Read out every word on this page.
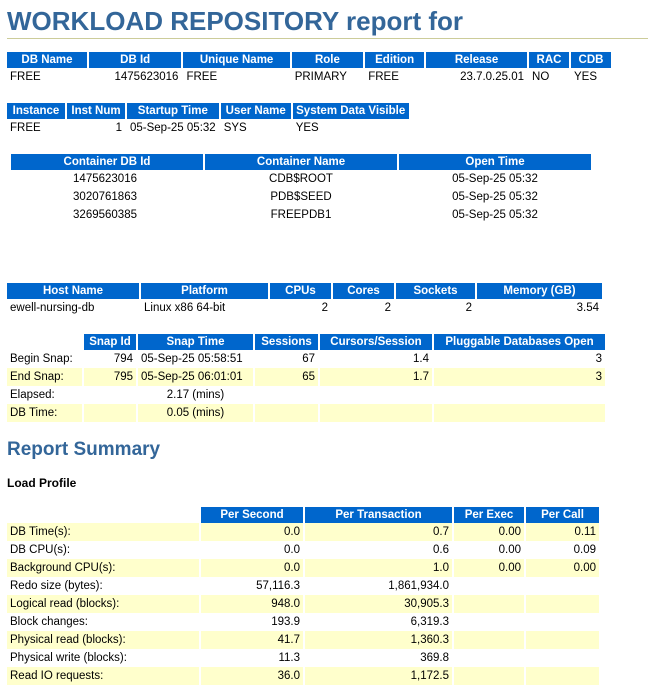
WORKLOAD REPOSITORY report for
DB Name	DB Id	Unique Name	Role	Edition	Release	RAC	CDB
FREE	1475623016	FREE	PRIMARY	FREE	23.7.0.25.01	NO	YES
Instance	Inst Num	Startup Time	User Name	System Data Visible
FREE	1	05-Sep-25 05:32	SYS	YES
Container DB Id	Container Name	Open Time
1475623016	CDB$ROOT	05-Sep-25 05:32
3020761863	PDB$SEED	05-Sep-25 05:32
3269560385	FREEPDB1	05-Sep-25 05:32
Host Name	Platform	CPUs	Cores	Sockets	Memory (GB)
ewell-nursing-db	Linux x86 64-bit	2	2	2	3.54
	Snap Id	Snap Time	Sessions	Cursors/Session	Pluggable Databases Open
Begin Snap:	794	05-Sep-25 05:58:51	67	1.4	3
End Snap:	795	05-Sep-25 06:01:01	65	1.7	3
Elapsed:		2.17 (mins)			
DB Time:		0.05 (mins)			
Report Summary
Load Profile
	Per Second	Per Transaction	Per Exec	Per Call
DB Time(s):	0.0	0.7	0.00	0.11
DB CPU(s):	0.0	0.6	0.00	0.09
Background CPU(s):	0.0	1.0	0.00	0.00
Redo size (bytes):	57,116.3	1,861,934.0		
Logical read (blocks):	948.0	30,905.3		
Block changes:	193.9	6,319.3		
Physical read (blocks):	41.7	1,360.3		
Physical write (blocks):	11.3	369.8		
Read IO requests:	36.0	1,172.5		
